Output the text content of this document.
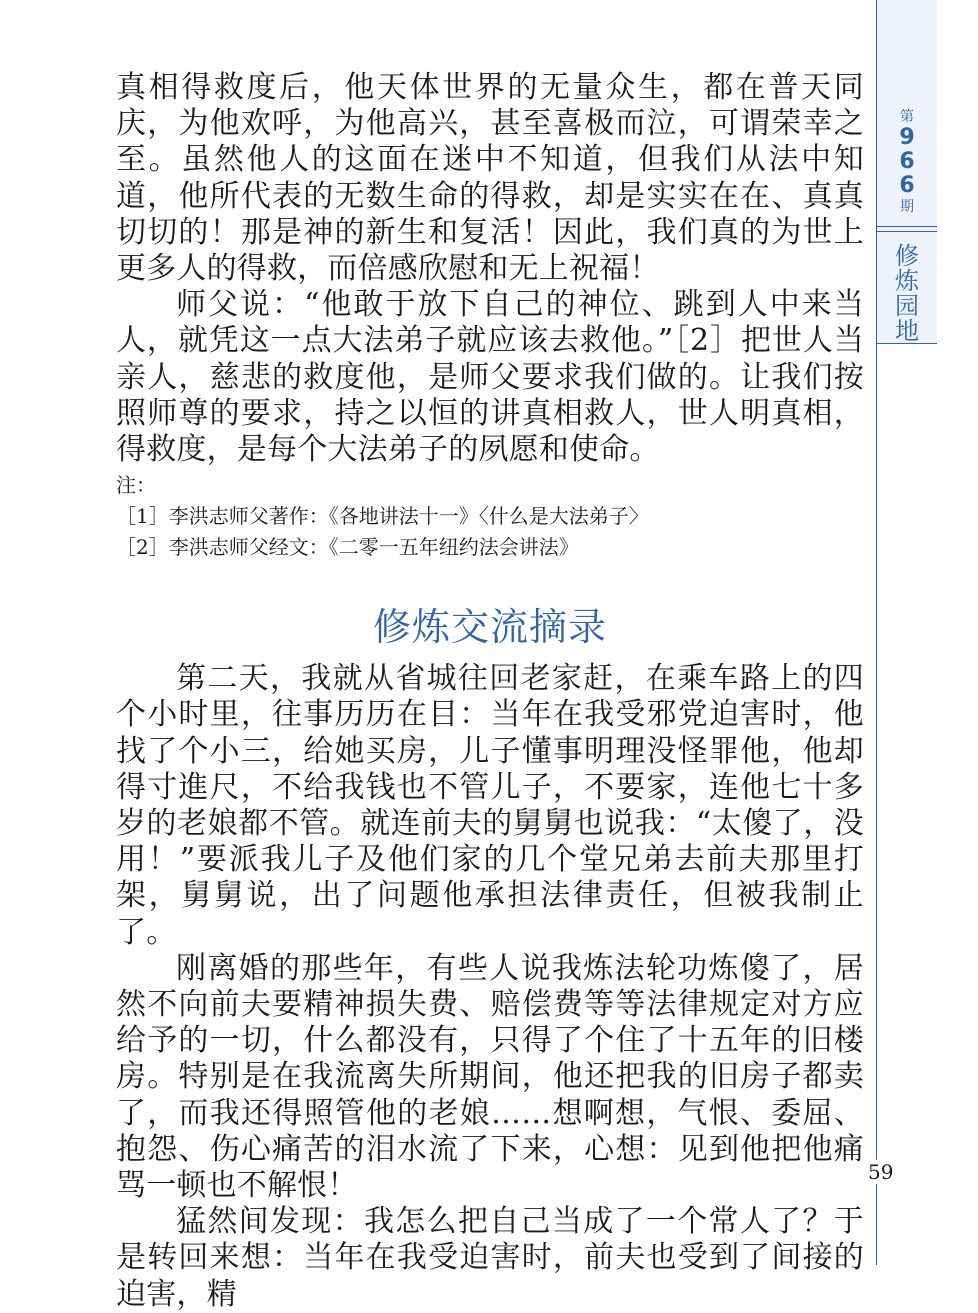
真相得救度后，他天体世界的无量众生，都在普天同庆，为他欢呼，为他高兴，甚至喜极而泣，可谓荣幸之至。虽然他人的这面在迷中不知道，但我们从法中知道，他所代表的无数生命的得救，却是实实在在、真真切切的！那是神的新生和复活！因此，我们真的为世上更多人的得救，而倍感欣慰和无上祝福！

师父说：“他敢于放下自己的神位、跳到人中来当人，就凭这一点大法弟子就应该去救他。”［2］把世人当亲人，慈悲的救度他，是师父要求我们做的。让我们按照师尊的要求，持之以恒的讲真相救人，世人明真相，得救度，是每个大法弟子的夙愿和使命。

注：

［1］李洪志师父著作：《各地讲法十一》〈什么是大法弟子〉

［2］李洪志师父经文：《二零一五年纽约法会讲法》

修炼交流摘录

第二天，我就从省城往回老家赶，在乘车路上的四个小时里，往事历历在目：当年在我受邪党迫害时，他找了个小三，给她买房，儿子懂事明理没怪罪他，他却得寸進尺，不给我钱也不管儿子，不要家，连他七十多岁的老娘都不管。就连前夫的舅舅也说我：“太傻了，没用！”要派我儿子及他们家的几个堂兄弟去前夫那里打架，舅舅说，出了问题他承担法律责任，但被我制止了。

刚离婚的那些年，有些人说我炼法轮功炼傻了，居然不向前夫要精神损失费、赔偿费等等法律规定对方应给予的一切，什么都没有，只得了个住了十五年的旧楼房。特别是在我流离失所期间，他还把我的旧房子都卖了，而我还得照管他的老娘……想啊想，气恨、委屈、抱怨、伤心痛苦的泪水流了下来，心想：见到他把他痛骂一顿也不解恨！

猛然间发现：我怎么把自己当成了一个常人了？于是转回来想：当年在我受迫害时，前夫也受到了间接的迫害，精

第
9
6
6
期
修
炼
园
地
59
